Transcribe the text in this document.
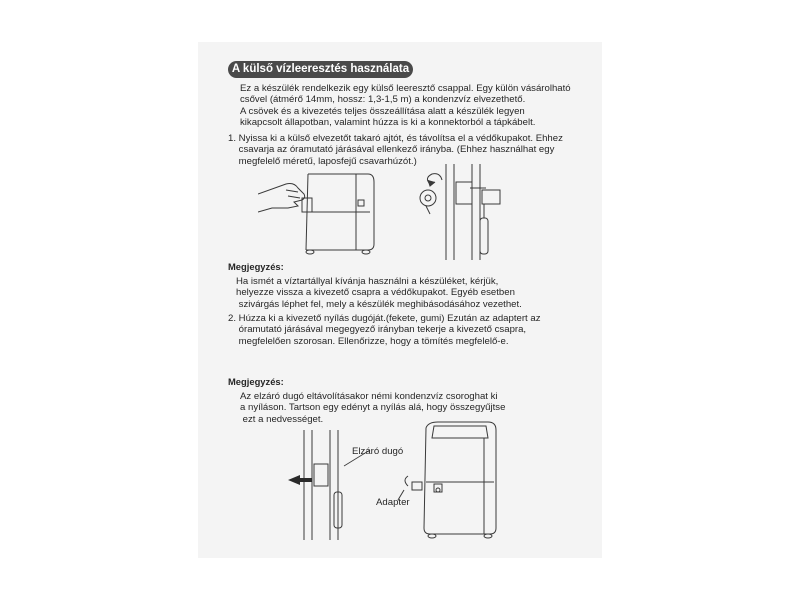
A külső vízleeresztés használata
Ez a készülék rendelkezik egy külső leeresztő csappal. Egy külön vásárolható
csővel (átmérő 14mm, hossz: 1,3-1,5 m) a kondenzvíz elvezethető.
A csövek és a kivezetés teljes összeállítása alatt a készülék legyen
kikapcsolt állapotban, valamint húzza is ki a konnektorból a tápkábelt.
1. Nyissa ki a külső elvezetőt takaró ajtót, és távolítsa el a védőkupakot. Ehhez
csavarja az óramutató járásával ellenkező irányba. (Ehhez használhat egy
megfelelő méretű, laposfejű csavarhúzót.)
Megjegyzés:
Ha ismét a víztartállyal kívánja használni a készüléket, kérjük,
helyezze vissza a kivezető csapra a védőkupakot. Egyéb esetben
szivárgás léphet fel, mely a készülék meghibásodásához vezethet.
2. Húzza ki a kivezető nyílás dugóját.(fekete, gumi) Ezután az adaptert az
óramutató járásával megegyező irányban tekerje a kivezető csapra,
megfelelően szorosan. Ellenőrizze, hogy a tömítés megfelelő-e.
Megjegyzés:
Az elzáró dugó eltávolításakor némi kondenzvíz csoroghat ki
a nyíláson. Tartson egy edényt a nyílás alá, hogy összegyűjtse
ezt a nedvességet.
Elzáró dugó
Adapter
